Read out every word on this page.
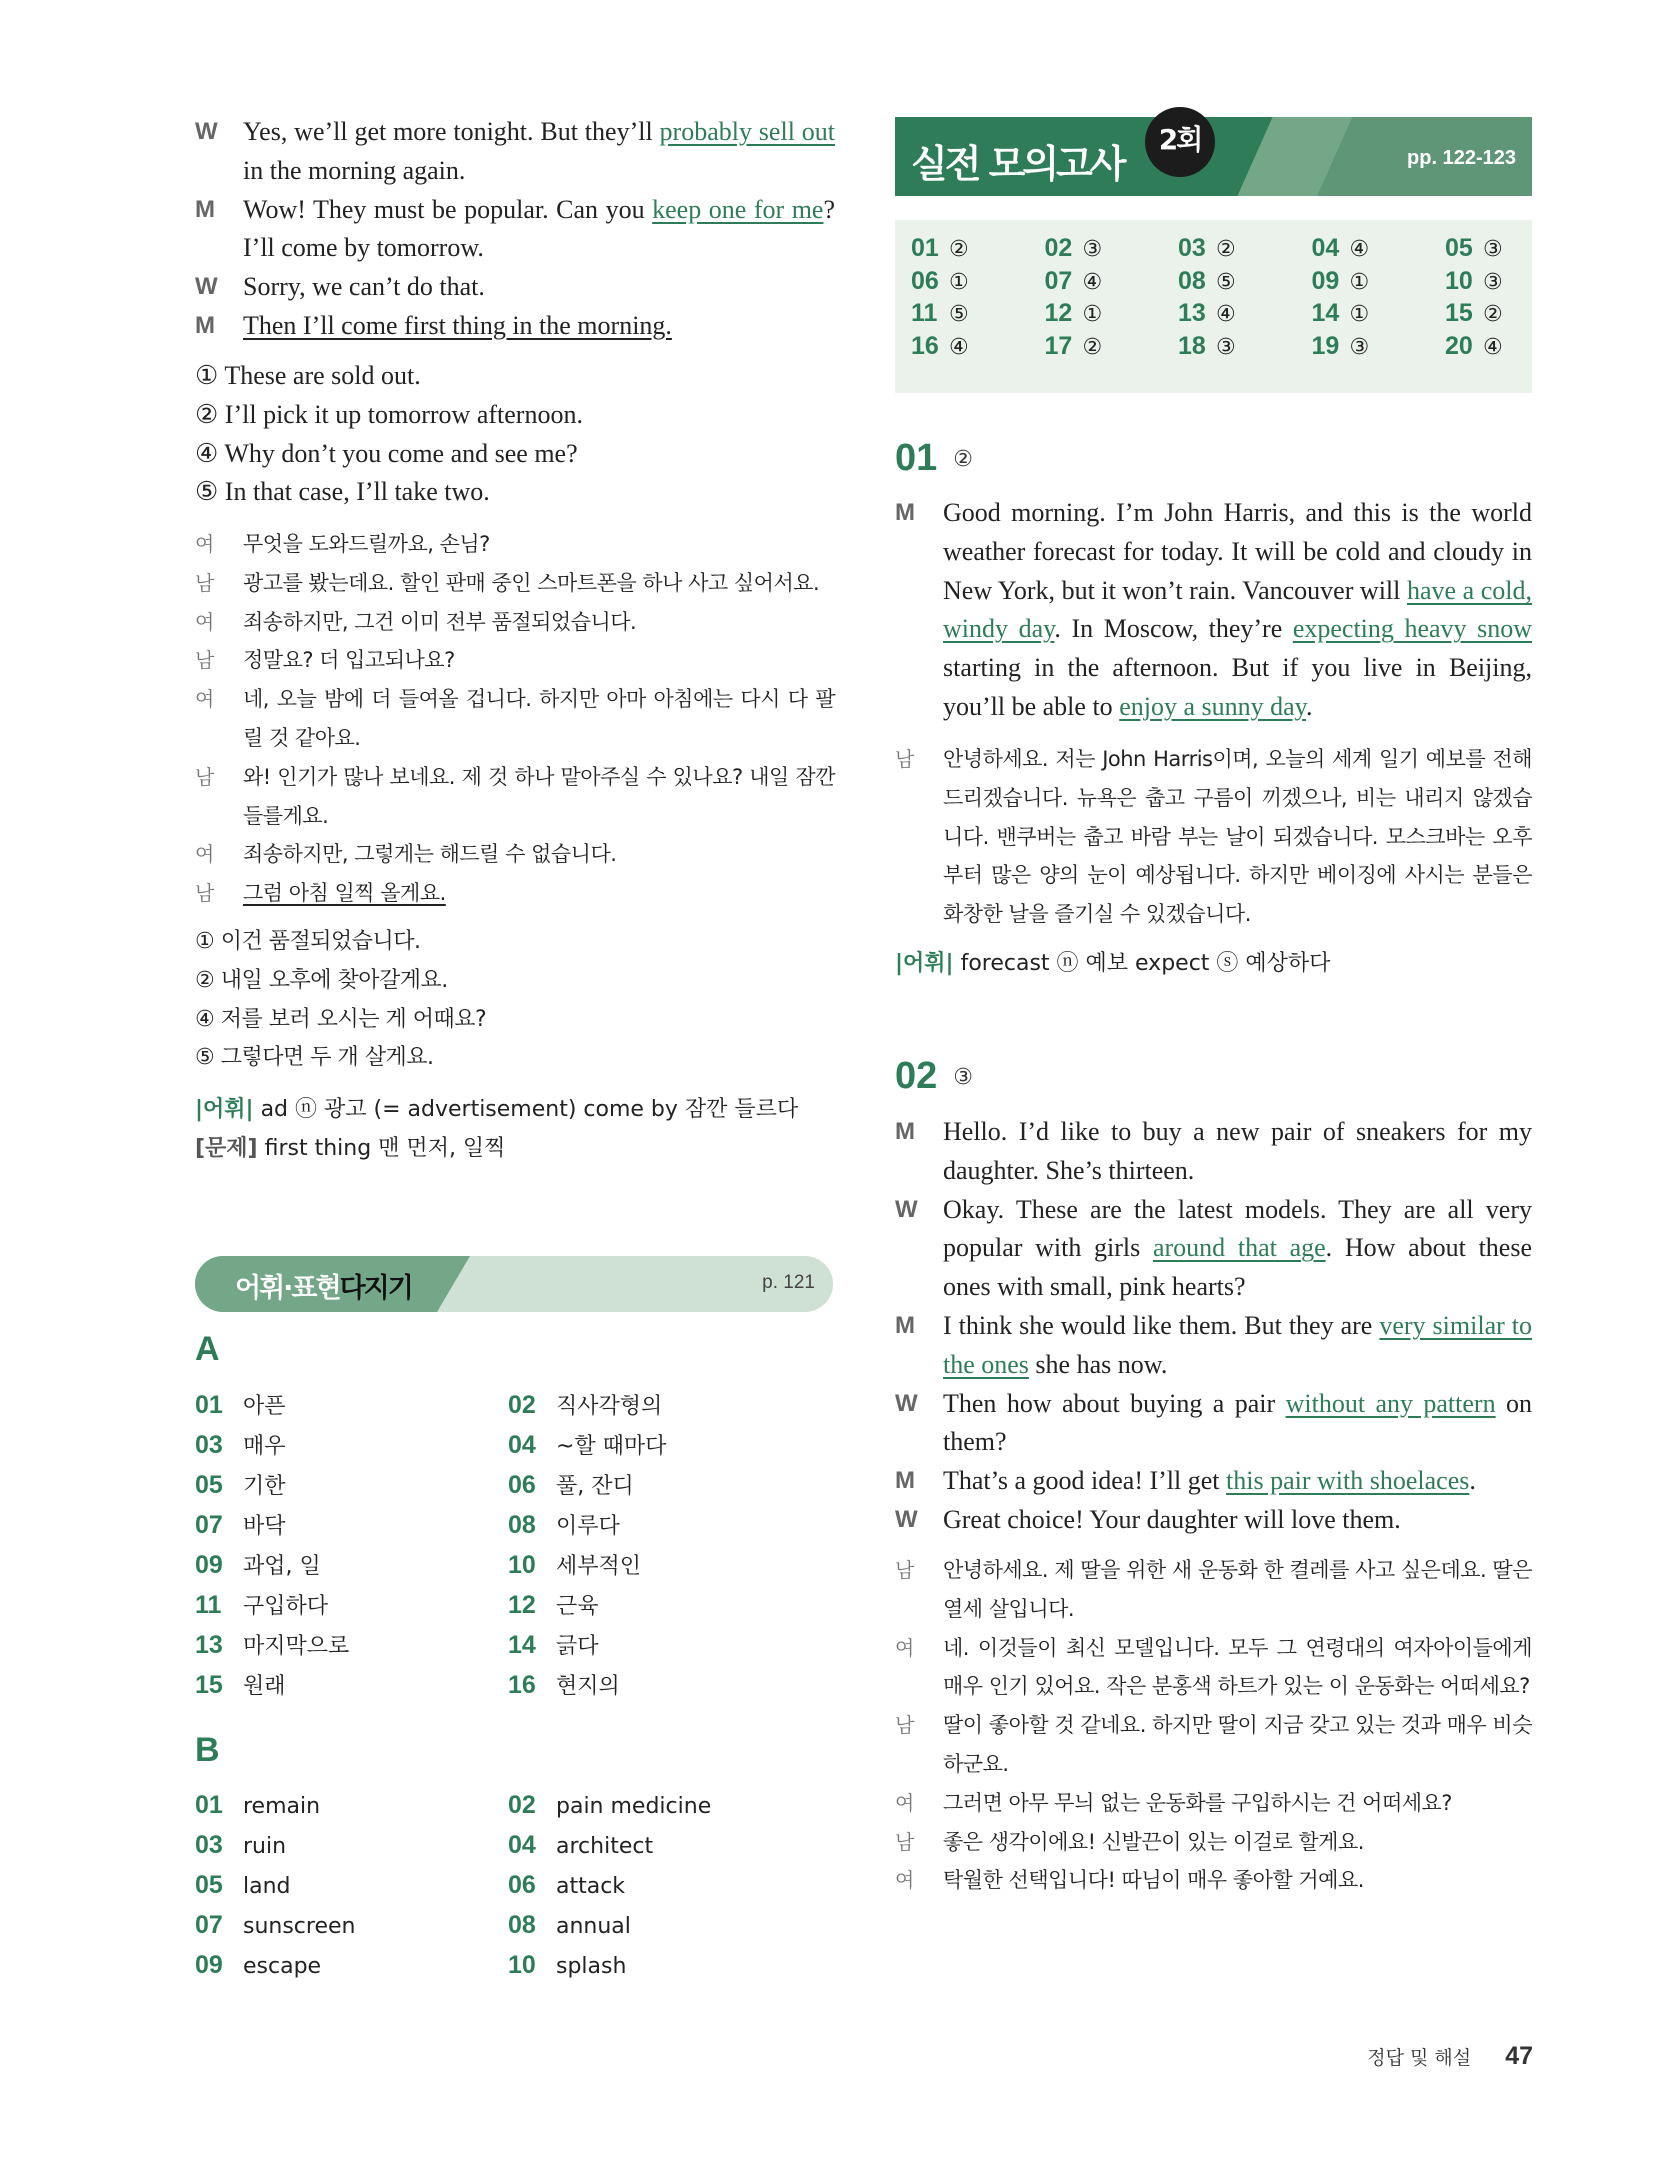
W Yes, we’ll get more tonight. But they’ll probably sell out in the morning again.
M	Wow! They must be popular. Can you keep one for me? I’ll come by tomorrow.
W Sorry, we can’t do that.
M	Then I’ll come first thing in the morning.
① These are sold out.
② I’ll pick it up tomorrow afternoon.
④ Why don’t you come and see me?
⑤ In that case, I’ll take two.
여	무엇을 도와드릴까요, 손님?
남	광고를 봤는데요. 할인 판매 중인 스마트폰을 하나 사고 싶어서요.
여	죄송하지만, 그건 이미 전부 품절되었습니다.
남	정말요? 더 입고되나요?
여	네, 오늘 밤에 더 들여올 겁니다. 하지만 아마 아침에는 다시 다 팔릴 것 같아요.
남	와! 인기가 많나 보네요. 제 것 하나 맡아주실 수 있나요? 내일 잠깐 들를게요.
여	죄송하지만, 그렇게는 해드릴 수 없습니다.
남	그럼 아침 일찍 올게요.
① 이건 품절되었습니다.
② 내일 오후에 찾아갈게요.
④ 저를 보러 오시는 게 어때요?
⑤ 그렇다면 두 개 살게요.
|어휘| ad ⓝ 광고 (= advertisement) come by 잠깐 들르다
[문제] first thing 맨 먼저, 일찍
어휘·표현다지기	p. 121
A
01 아픈	02 직사각형의
03 매우	04 ~할 때마다
05 기한	06 풀, 잔디
07 바닥	08 이루다
09 과업, 일	10 세부적인
11 구입하다	12 근육
13 마지막으로	14 긁다
15 원래	16 현지의
B
01 remain	02 pain medicine
03 ruin	04 architect
05 land	06 attack
07 sunscreen	08 annual
09 escape	10 splash
실전 모의고사	pp. 122-123
2회
01 ②	02 ③	03 ②	04 ④	05 ③
06 ①	07 ④	08 ⑤	09 ①	10 ③
11 ⑤	12 ①	13 ④	14 ①	15 ②
16 ④	17 ②	18 ③	19 ③	20 ④
01 ②
M	Good morning. I’m John Harris, and this is the world weather forecast for today. It will be cold and cloudy in New York, but it won’t rain. Vancouver will have a cold, windy day. In Moscow, they’re expecting heavy snow starting in the afternoon. But if you live in Beijing, you’ll be able to enjoy a sunny day.
남	안녕하세요. 저는 John Harris이며, 오늘의 세계 일기 예보를 전해 드리겠습니다. 뉴욕은 춥고 구름이 끼겠으나, 비는 내리지 않겠습니다. 밴쿠버는 춥고 바람 부는 날이 되겠습니다. 모스크바는 오후부터 많은 양의 눈이 예상됩니다. 하지만 베이징에 사시는 분들은 화창한 날을 즐기실 수 있겠습니다.
|어휘| forecast ⓝ 예보 expect ⓢ 예상하다
02 ③
M	Hello. I’d like to buy a new pair of sneakers for my daughter. She’s thirteen.
W Okay. These are the latest models. They are all very popular with girls around that age. How about these ones with small, pink hearts?
M	I think she would like them. But they are very similar to the ones she has now.
W Then how about buying a pair without any pattern on them?
M	That’s a good idea! I’ll get this pair with shoelaces.
W Great choice! Your daughter will love them.
남	안녕하세요. 제 딸을 위한 새 운동화 한 켤레를 사고 싶은데요. 딸은 열세 살입니다.
여	네. 이것들이 최신 모델입니다. 모두 그 연령대의 여자아이들에게 매우 인기 있어요. 작은 분홍색 하트가 있는 이 운동화는 어떠세요?
남	딸이 좋아할 것 같네요. 하지만 딸이 지금 갖고 있는 것과 매우 비슷하군요.
여	그러면 아무 무늬 없는 운동화를 구입하시는 건 어떠세요?
남	좋은 생각이에요! 신발끈이 있는 이걸로 할게요.
여	탁월한 선택입니다! 따님이 매우 좋아할 거예요.
정답 및 해설 47
